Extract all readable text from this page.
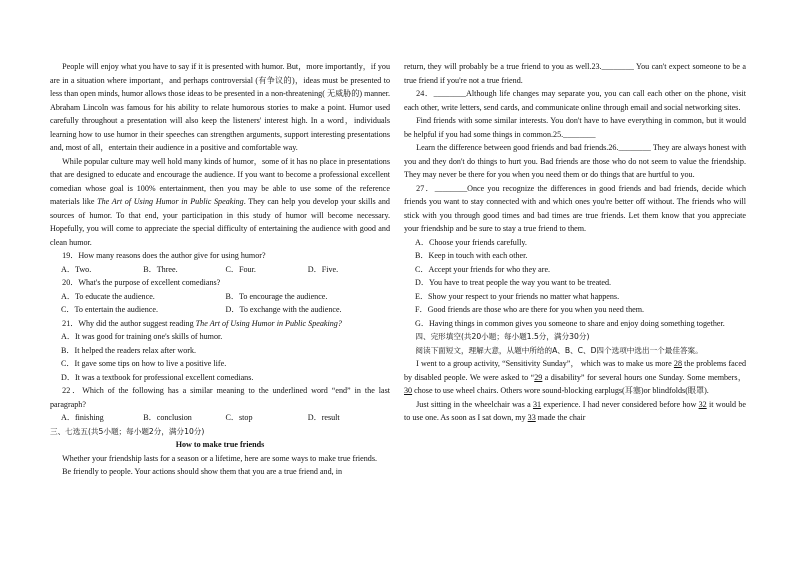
People will enjoy what you have to say if it is presented with humor. But，more importantly，if you are in a situation where important，and perhaps controversial (有争议的)，ideas must be presented to less than open minds, humor allows those ideas to be presented in a non-threatening( 无威胁的) manner. Abraham Lincoln was famous for his ability to relate humorous stories to make a point. Humor used carefully throughout a presentation will also keep the listeners' interest high. In a word，individuals learning how to use humor in their speeches can strengthen arguments, support interesting presentations and, most of all，entertain their audience in a positive and comfortable way.

While popular culture may well hold many kinds of humor，some of it has no place in presentations that are designed to educate and encourage the audience. If you want to become a professional excellent comedian whose goal is 100% entertainment, then you may be able to use some of the reference materials like The Art of Using Humor in Public Speaking. They can help you develop your skills and sources of humor. To that end, your participation in this study of humor will become necessary. Hopefully, you will come to appreciate the special difficulty of entertaining the audience with good and clean humor.

19．How many reasons does the author give for using humor?

A．Two.	B．Three.	C．Four.	D．Five.

20．What's the purpose of excellent comedians?

A．To educate the audience.	B．To encourage the audience.
C．To entertain the audience.	D．To exchange with the audience.

21．Why did the author suggest reading The Art of Using Humor in Public Speaking?

A．It was good for training one's skills of humor.
B．It helped the readers relax after work.
C．It gave some tips on how to live a positive life.
D．It was a textbook for professional excellent comedians.

22．Which of the following has a similar meaning to the underlined word “end” in the last paragraph?

A．finishing	B．conclusion	C．stop	D．result

三、七选五(共5小题；每小题2分，满分10分)

How to make true friends

Whether your friendship lasts for a season or a lifetime, here are some ways to make true friends.

Be friendly to people. Your actions should show them that you are a true friend and, in

return, they will probably be a true friend to you as well.23.________ You can't expect someone to be a true friend if you're not a true friend.

24．________Although life changes may separate you, you can call each other on the phone, visit each other, write letters, send cards, and communicate online through email and social networking sites.

Find friends with some similar interests. You don't have to have everything in common, but it would be helpful if you had some things in common.25.________

Learn the difference between good friends and bad friends.26.________ They are always honest with you and they don't do things to hurt you. Bad friends are those who do not seem to value the friendship. They may never be there for you when you need them or do things that are hurtful to you.

27．________Once you recognize the differences in good friends and bad friends, decide which friends you want to stay connected with and which ones you're better off without. The friends who will stick with you through good times and bad times are true friends. Let them know that you appreciate your friendship and be sure to stay a true friend to them.

A．Choose your friends carefully.
B．Keep in touch with each other.
C．Accept your friends for who they are.
D．You have to treat people the way you want to be treated.
E．Show your respect to your friends no matter what happens.
F．Good friends are those who are there for you when you need them.
G．Having things in common gives you someone to share and enjoy doing something together.

四、完形填空(共20小题；每小题1.5分，满分30分)

阅读下面短文，理解大意，从题中所给的A、B、C、D四个选项中选出一个最佳答案。

I went to a group activity, “Sensitivity Sunday”， which was to make us more 28 the problems faced by disabled people. We were asked to “29 a disability” for several hours one Sunday. Some members，30 chose to use wheel chairs. Others wore sound-blocking earplugs(耳塞)or blindfolds(眼罩).

Just sitting in the wheelchair was a 31 experience. I had never considered before how 32 it would be to use one. As soon as I sat down, my 33 made the chair
